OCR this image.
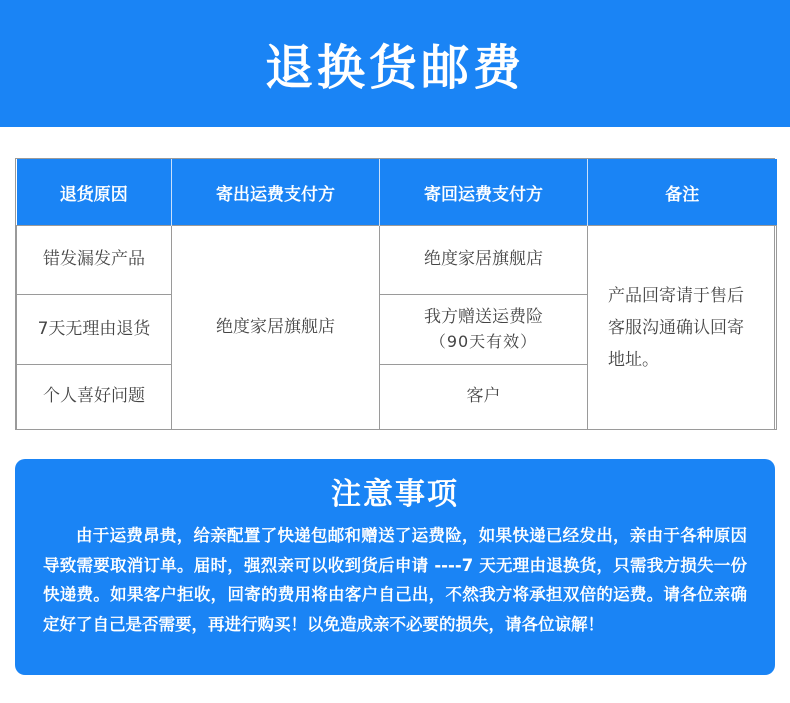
退换货邮费
退货原因	寄出运费支付方	寄回运费支付方	备注
错发漏发产品	绝度家居旗舰店	绝度家居旗舰店	产品回寄请于售后客服沟通确认回寄地址。
7天无理由退货		我方赠送运费险
（90天有效）	

个人喜好问题		客户	
注意事项
由于运费昂贵，给亲配置了快递包邮和赠送了运费险，如果快递已经发出，亲由于各种原因导致需要取消订单。届时，强烈亲可以收到货后申请 ----7 天无理由退换货，只需我方损失一份快递费。如果客户拒收，回寄的费用将由客户自己出，不然我方将承担双倍的运费。请各位亲确定好了自己是否需要，再进行购买！以免造成亲不必要的损失，请各位谅解！
